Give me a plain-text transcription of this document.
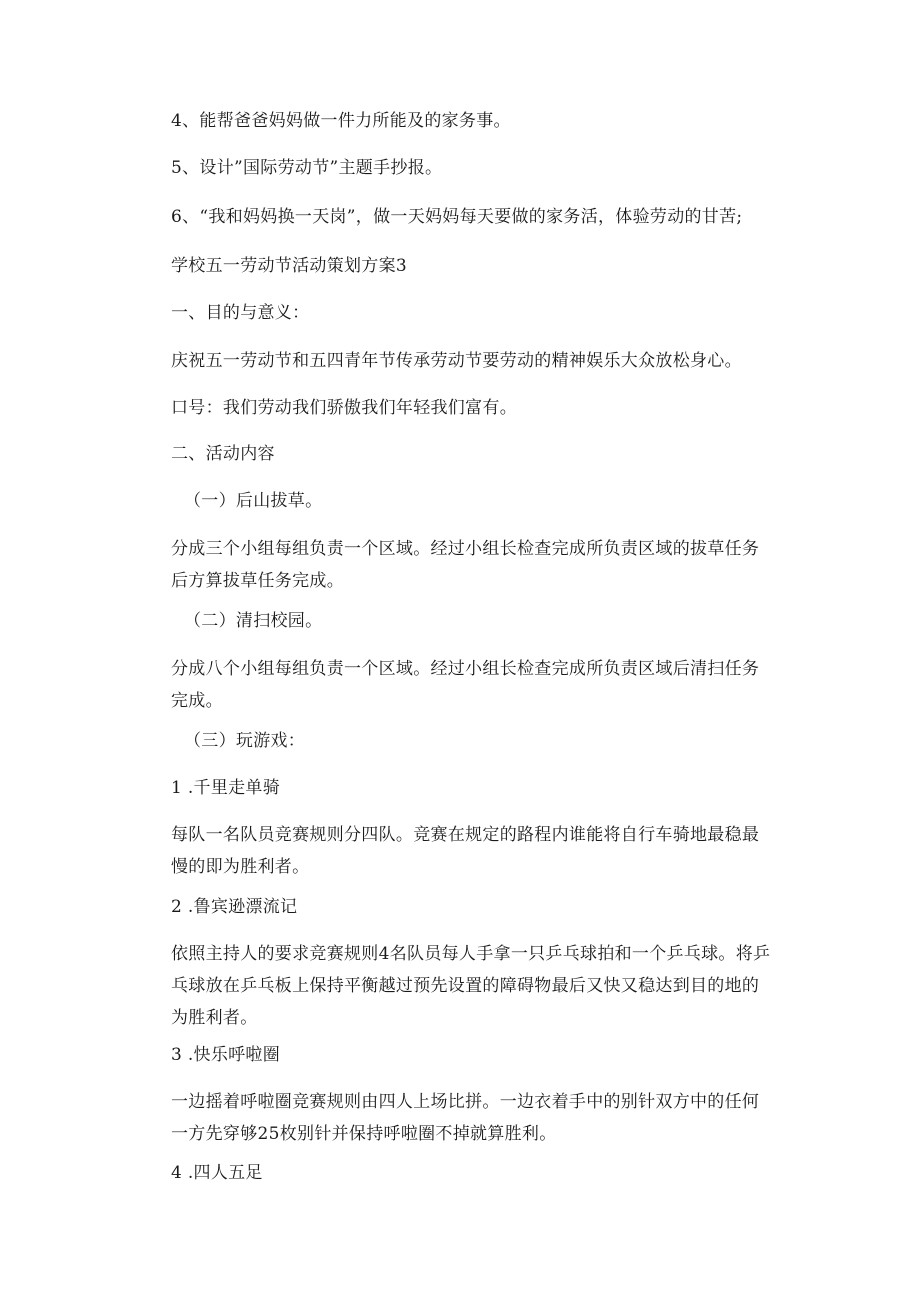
4、能帮爸爸妈妈做一件力所能及的家务事。
5、设计”国际劳动节”主题手抄报。
6、“我和妈妈换一天岗”，做一天妈妈每天要做的家务活，体验劳动的甘苦;
学校五一劳动节活动策划方案3
一、目的与意义：
庆祝五一劳动节和五四青年节传承劳动节要劳动的精神娱乐大众放松身心。
口号：我们劳动我们骄傲我们年轻我们富有。
二、活动内容
（一）后山拔草。
分成三个小组每组负责一个区域。经过小组长检查完成所负责区域的拔草任务后方算拔草任务完成。
（二）清扫校园。
分成八个小组每组负责一个区域。经过小组长检查完成所负责区域后清扫任务完成。
（三）玩游戏：
1 .千里走单骑
每队一名队员竞赛规则分四队。竞赛在规定的路程内谁能将自行车骑地最稳最慢的即为胜利者。
2 .鲁宾逊漂流记
依照主持人的要求竞赛规则4名队员每人手拿一只乒乓球拍和一个乒乓球。将乒乓球放在乒乓板上保持平衡越过预先设置的障碍物最后又快又稳达到目的地的为胜利者。
3 .快乐呼啦圈
一边摇着呼啦圈竞赛规则由四人上场比拼。一边衣着手中的别针双方中的任何一方先穿够25枚别针并保持呼啦圈不掉就算胜利。
4 .四人五足
